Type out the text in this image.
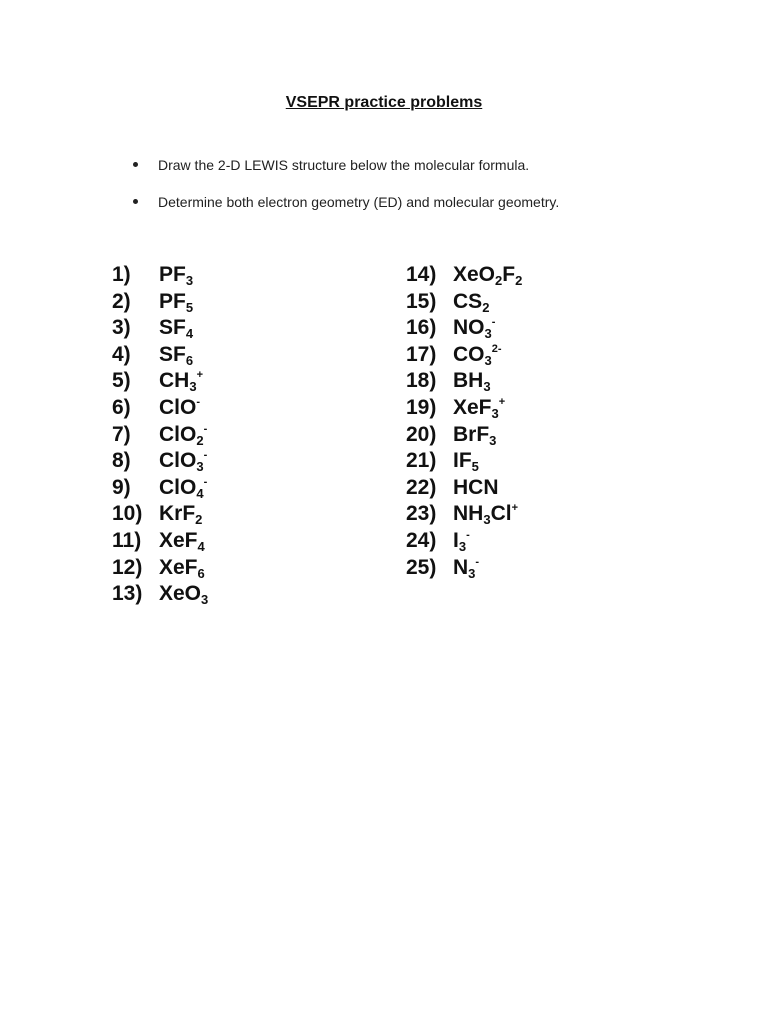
VSEPR practice problems
Draw the 2-D LEWIS structure below the molecular formula.
Determine both electron geometry (ED) and molecular geometry.
1) $PF_3$
2) $PF_5$
3) $SF_4$
4) $SF_6$
5) $CH_3^+$
6) ClO-
7) ClO$_2$-
8) ClO$_3$-
9) ClO$_4$-
10) KrF$_2$
11) XeF$_4$
12) XeF$_6$
13) XeO$_3$
14) $XeO_2F_2$
15) $CS_2$
16) $NO_3^-$
17) $CO_3^{2-}$
18) $BH_3$
19) XeF$_3$+
20) BrF$_3$
21) $IF_5$
22) HCN
23) $NH_3Cl^+$
24) $I_3^-$
25) $N_3^-$
